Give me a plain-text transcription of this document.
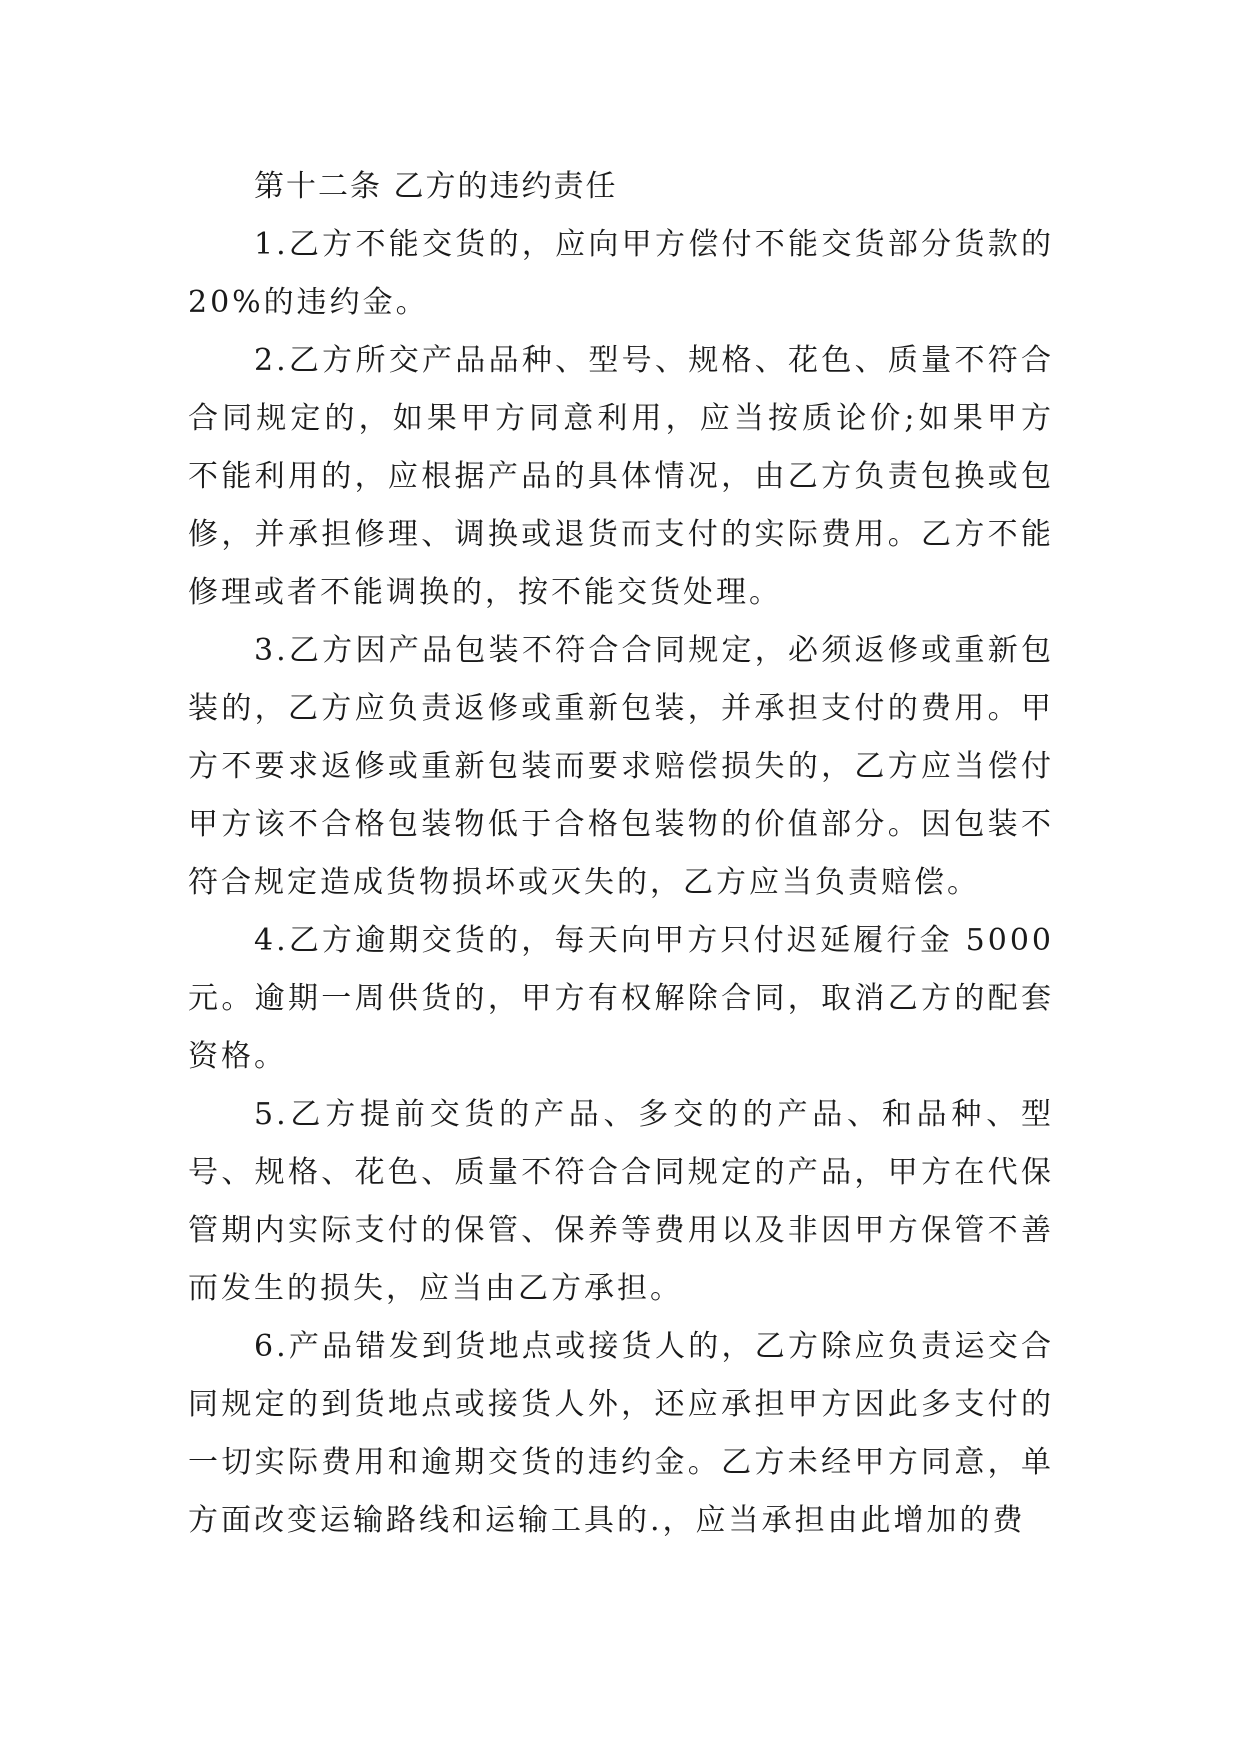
第十二条 乙方的违约责任

1.乙方不能交货的，应向甲方偿付不能交货部分货款的20%的违约金。

2.乙方所交产品品种、型号、规格、花色、质量不符合合同规定的，如果甲方同意利用，应当按质论价;如果甲方不能利用的，应根据产品的具体情况，由乙方负责包换或包修，并承担修理、调换或退货而支付的实际费用。乙方不能修理或者不能调换的，按不能交货处理。

3.乙方因产品包装不符合合同规定，必须返修或重新包装的，乙方应负责返修或重新包装，并承担支付的费用。甲方不要求返修或重新包装而要求赔偿损失的，乙方应当偿付甲方该不合格包装物低于合格包装物的价值部分。因包装不符合规定造成货物损坏或灭失的，乙方应当负责赔偿。

4.乙方逾期交货的，每天向甲方只付迟延履行金 5000元。逾期一周供货的，甲方有权解除合同，取消乙方的配套资格。

5.乙方提前交货的产品、多交的的产品、和品种、型号、规格、花色、质量不符合合同规定的产品，甲方在代保管期内实际支付的保管、保养等费用以及非因甲方保管不善而发生的损失，应当由乙方承担。

6.产品错发到货地点或接货人的，乙方除应负责运交合同规定的到货地点或接货人外，还应承担甲方因此多支付的一切实际费用和逾期交货的违约金。乙方未经甲方同意，单方面改变运输路线和运输工具的.，应当承担由此增加的费
